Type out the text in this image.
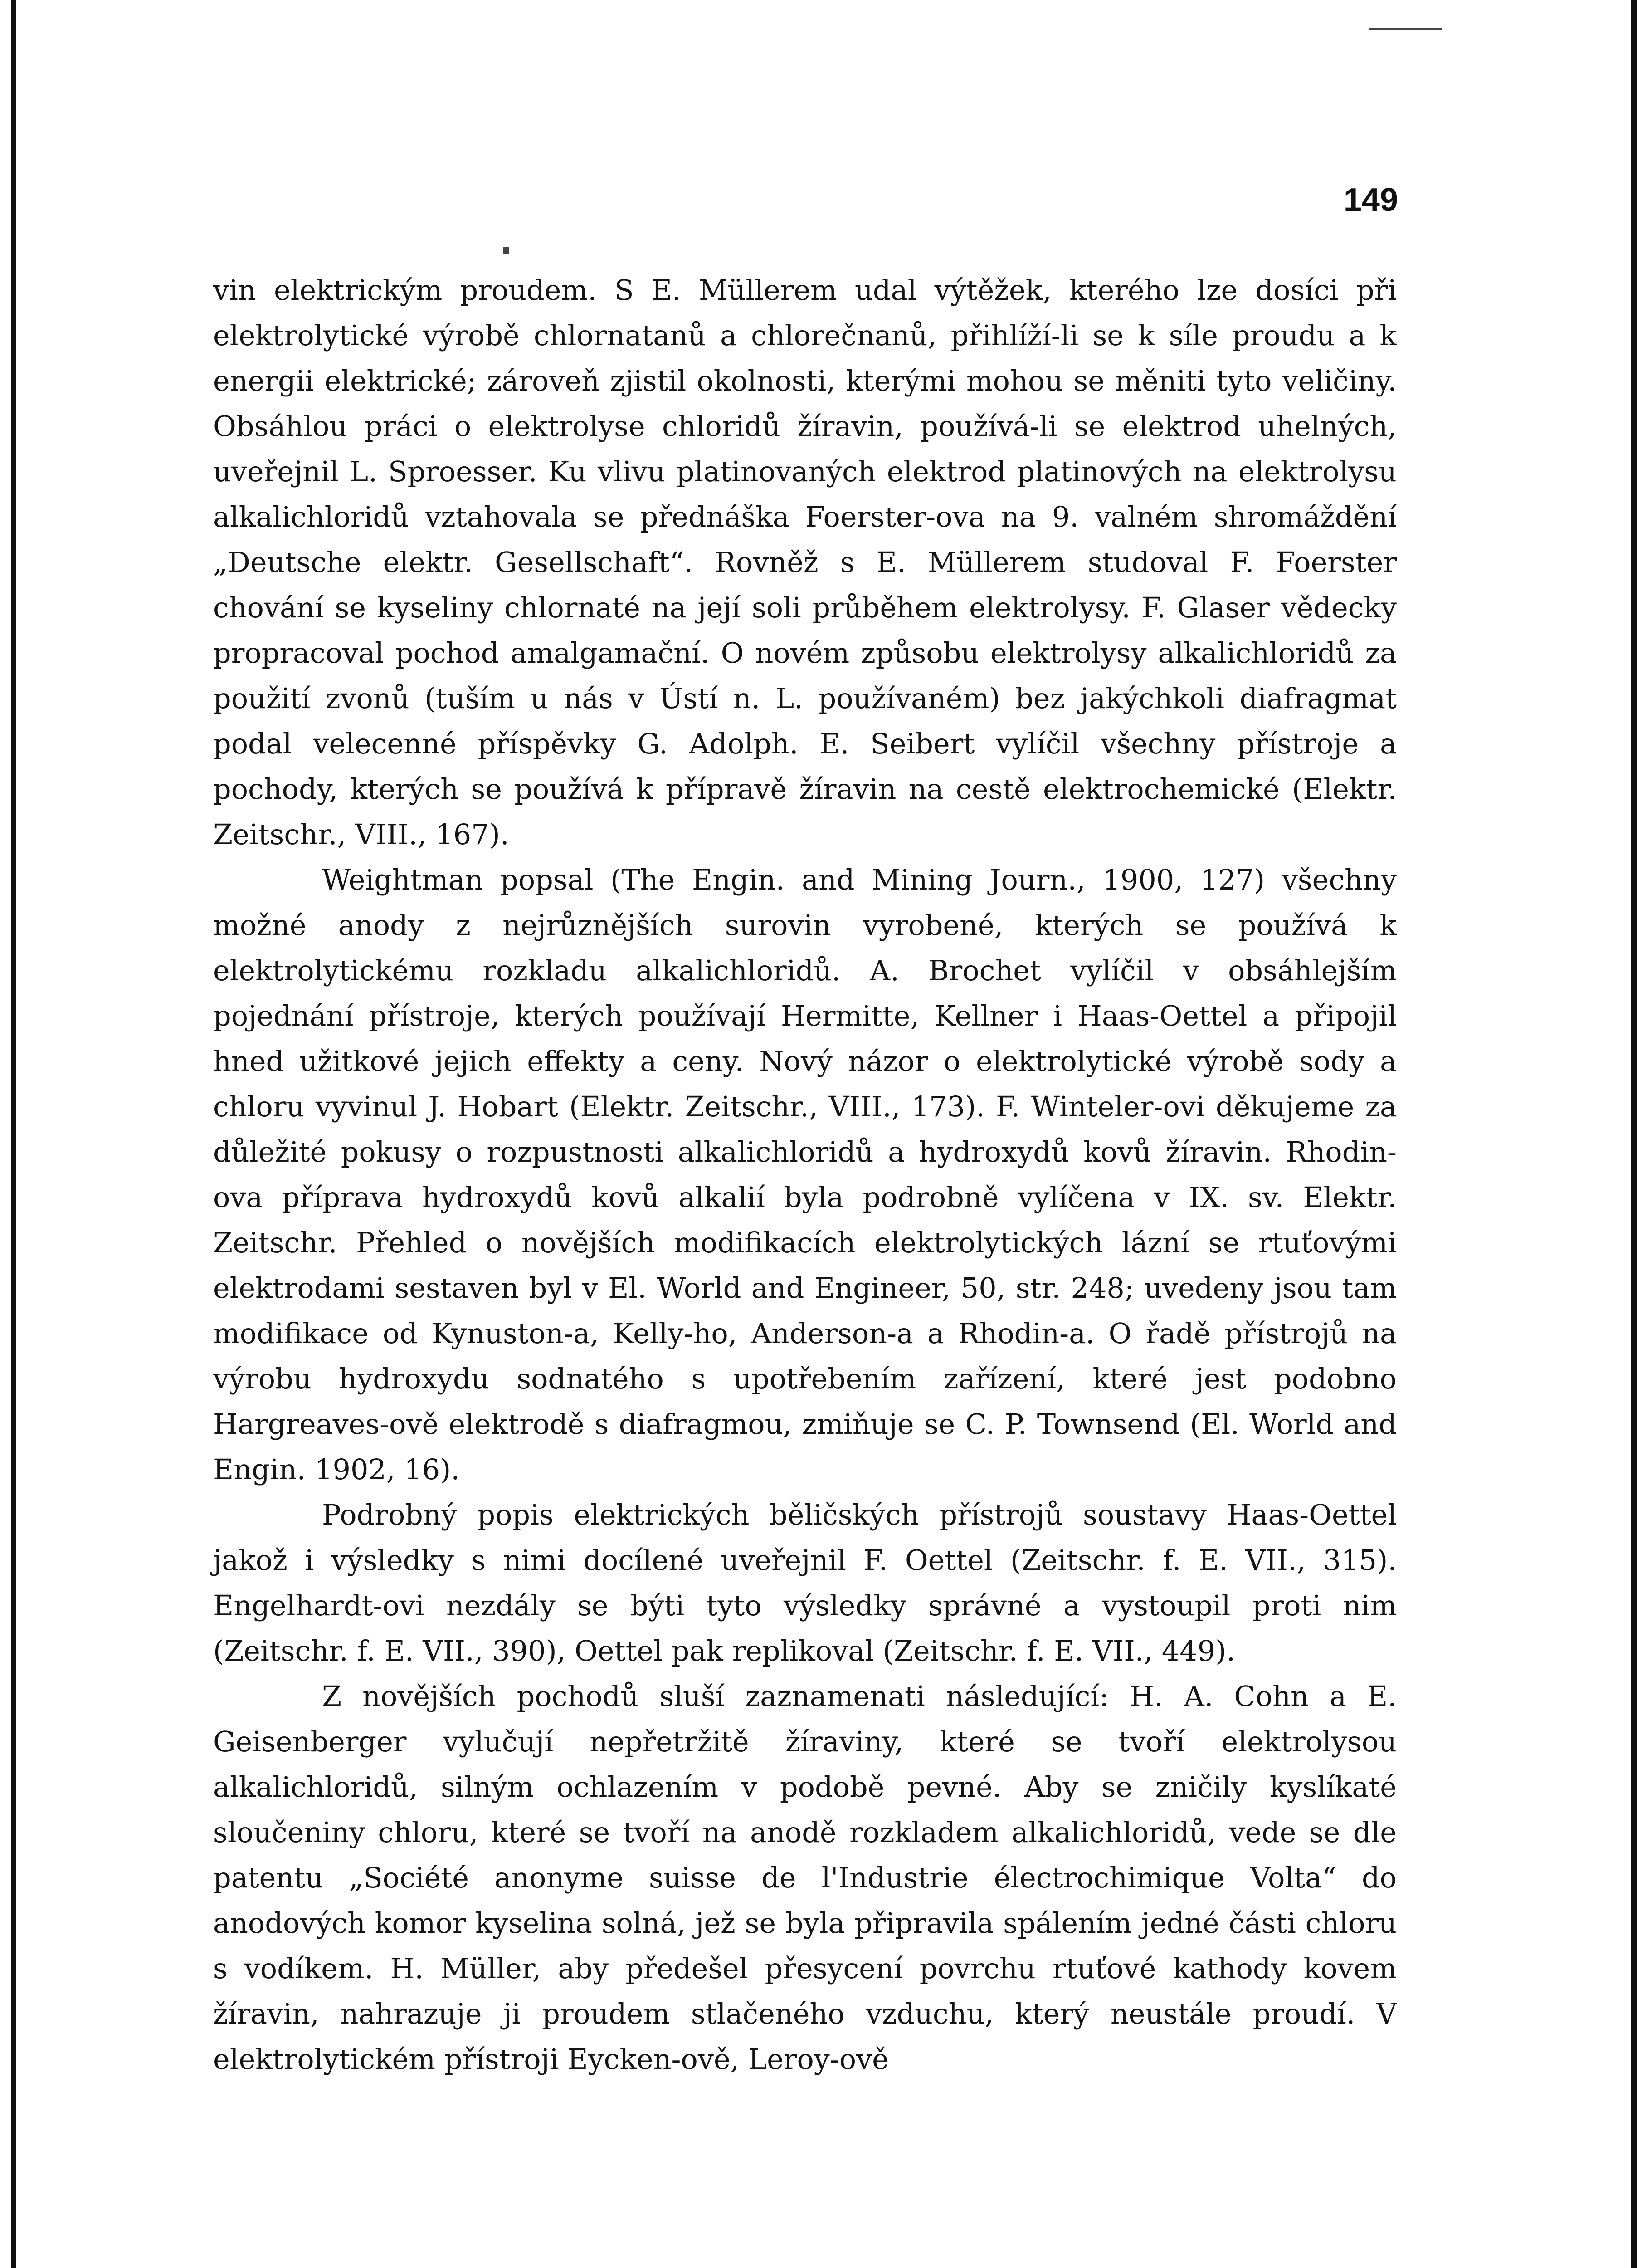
149

vin elektrickým proudem. S E. Müllerem udal výtěžek, kterého lze dosíci při elektrolytické výrobě chlornatanů a chlorečnanů, přihlíží-li se k síle proudu a k energii elektrické; zároveň zjistil okolnosti, kterými mohou se měniti tyto veličiny. Obsáhlou práci o elektrolyse chloridů žíravin, používá-li se elektrod uhelných, uveřejnil L. Sproesser. Ku vlivu platinovaných elektrod platinových na elektrolysu alkalichloridů vztahovala se přednáška Foerster-ova na 9. valném shromáždění „Deutsche elektr. Gesellschaft“. Rovněž s E. Müllerem studoval F. Foerster chování se kyseliny chlornaté na její soli průběhem elektrolysy. F. Glaser vědecky propracoval pochod amalgamační. O novém způsobu elektrolysy alkalichloridů za použití zvonů (tuším u nás v Ústí n. L. používaném) bez jakýchkoli diafragmat podal velecenné příspěvky G. Adolph. E. Seibert vylíčil všechny přístroje a pochody, kterých se používá k přípravě žíravin na cestě elektrochemické (Elektr. Zeitschr., VIII., 167).

Weightman popsal (The Engin. and Mining Journ., 1900, 127) všechny možné anody z nejrůznějších surovin vyrobené, kterých se používá k elektrolytickému rozkladu alkalichloridů. A. Brochet vylíčil v obsáhlejším pojednání přístroje, kterých používají Hermitte, Kellner i Haas-Oettel a připojil hned užitkové jejich effekty a ceny. Nový názor o elektrolytické výrobě sody a chloru vyvinul J. Hobart (Elektr. Zeitschr., VIII., 173). F. Winteler-ovi děkujeme za důležité pokusy o rozpustnosti alkalichloridů a hydroxydů kovů žíravin. Rhodin-ova příprava hydroxydů kovů alkalií byla podrobně vylíčena v IX. sv. Elektr. Zeitschr. Přehled o novějších modifikacích elektrolytických lázní se rtuťovými elektrodami sestaven byl v El. World and Engineer, 50, str. 248; uvedeny jsou tam modifikace od Kynuston-a, Kelly-ho, Anderson-a a Rhodin-a. O řadě přístrojů na výrobu hydroxydu sodnatého s upotřebením zařízení, které jest podobno Hargreaves-ově elektrodě s diafragmou, zmiňuje se C. P. Townsend (El. World and Engin. 1902, 16).

Podrobný popis elektrických běličských přístrojů soustavy Haas-Oettel jakož i výsledky s nimi docílené uveřejnil F. Oettel (Zeitschr. f. E. VII., 315). Engelhardt-ovi nezdály se býti tyto výsledky správné a vystoupil proti nim (Zeitschr. f. E. VII., 390), Oettel pak replikoval (Zeitschr. f. E. VII., 449).

Z novějších pochodů sluší zaznamenati následující: H. A. Cohn a E. Geisenberger vylučují nepřetržitě žíraviny, které se tvoří elektrolysou alkalichloridů, silným ochlazením v podobě pevné. Aby se zničily kyslíkaté sloučeniny chloru, které se tvoří na anodě rozkladem alkalichloridů, vede se dle patentu „Société anonyme suisse de l'Industrie électrochimique Volta“ do anodových komor kyselina solná, jež se byla připravila spálením jedné části chloru s vodíkem. H. Müller, aby předešel přesycení povrchu rtuťové kathody kovem žíravin, nahrazuje ji proudem stlačeného vzduchu, který neustále proudí. V elektrolytickém přístroji Eycken-ově, Leroy-ově
